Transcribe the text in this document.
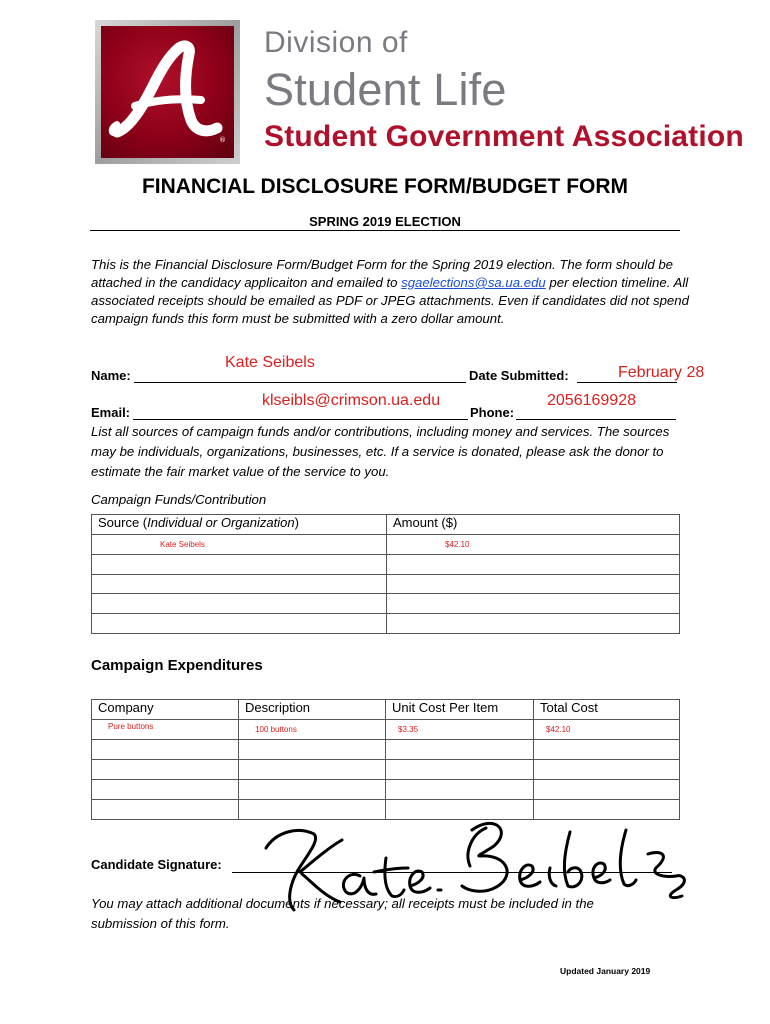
®
Division of
Student Life
Student Government Association
FINANCIAL DISCLOSURE FORM/BUDGET FORM
SPRING 2019 ELECTION
This is the Financial Disclosure Form/Budget Form for the Spring 2019 election. The form should be attached in the candidacy applicaiton and emailed to sgaelections@sa.ua.edu per election timeline. All associated receipts should be emailed as PDF or JPEG attachments. Even if candidates did not spend campaign funds this form must be submitted with a zero dollar amount.
Name:
Kate Seibels
Date Submitted:	February 28
Email:
klseibls@crimson.ua.edu
Phone:
2056169928
List all sources of campaign funds and/or contributions, including money and services. The sources may be individuals, organizations, businesses, etc. If a service is donated, please ask the donor to estimate the fair market value of the service to you.
Campaign Funds/Contribution
Source (Individual or Organization)	Amount ($)
Kate Seibels	$42.10

Campaign Expenditures
Company	Description	Unit Cost Per Item	Total Cost
$^{Pure buttons}$	100 buttons	$3.35	$42.10

Candidate Signature:
You may attach additional documents if necessary; all receipts must be included in the submission of this form.
Updated January 2019
